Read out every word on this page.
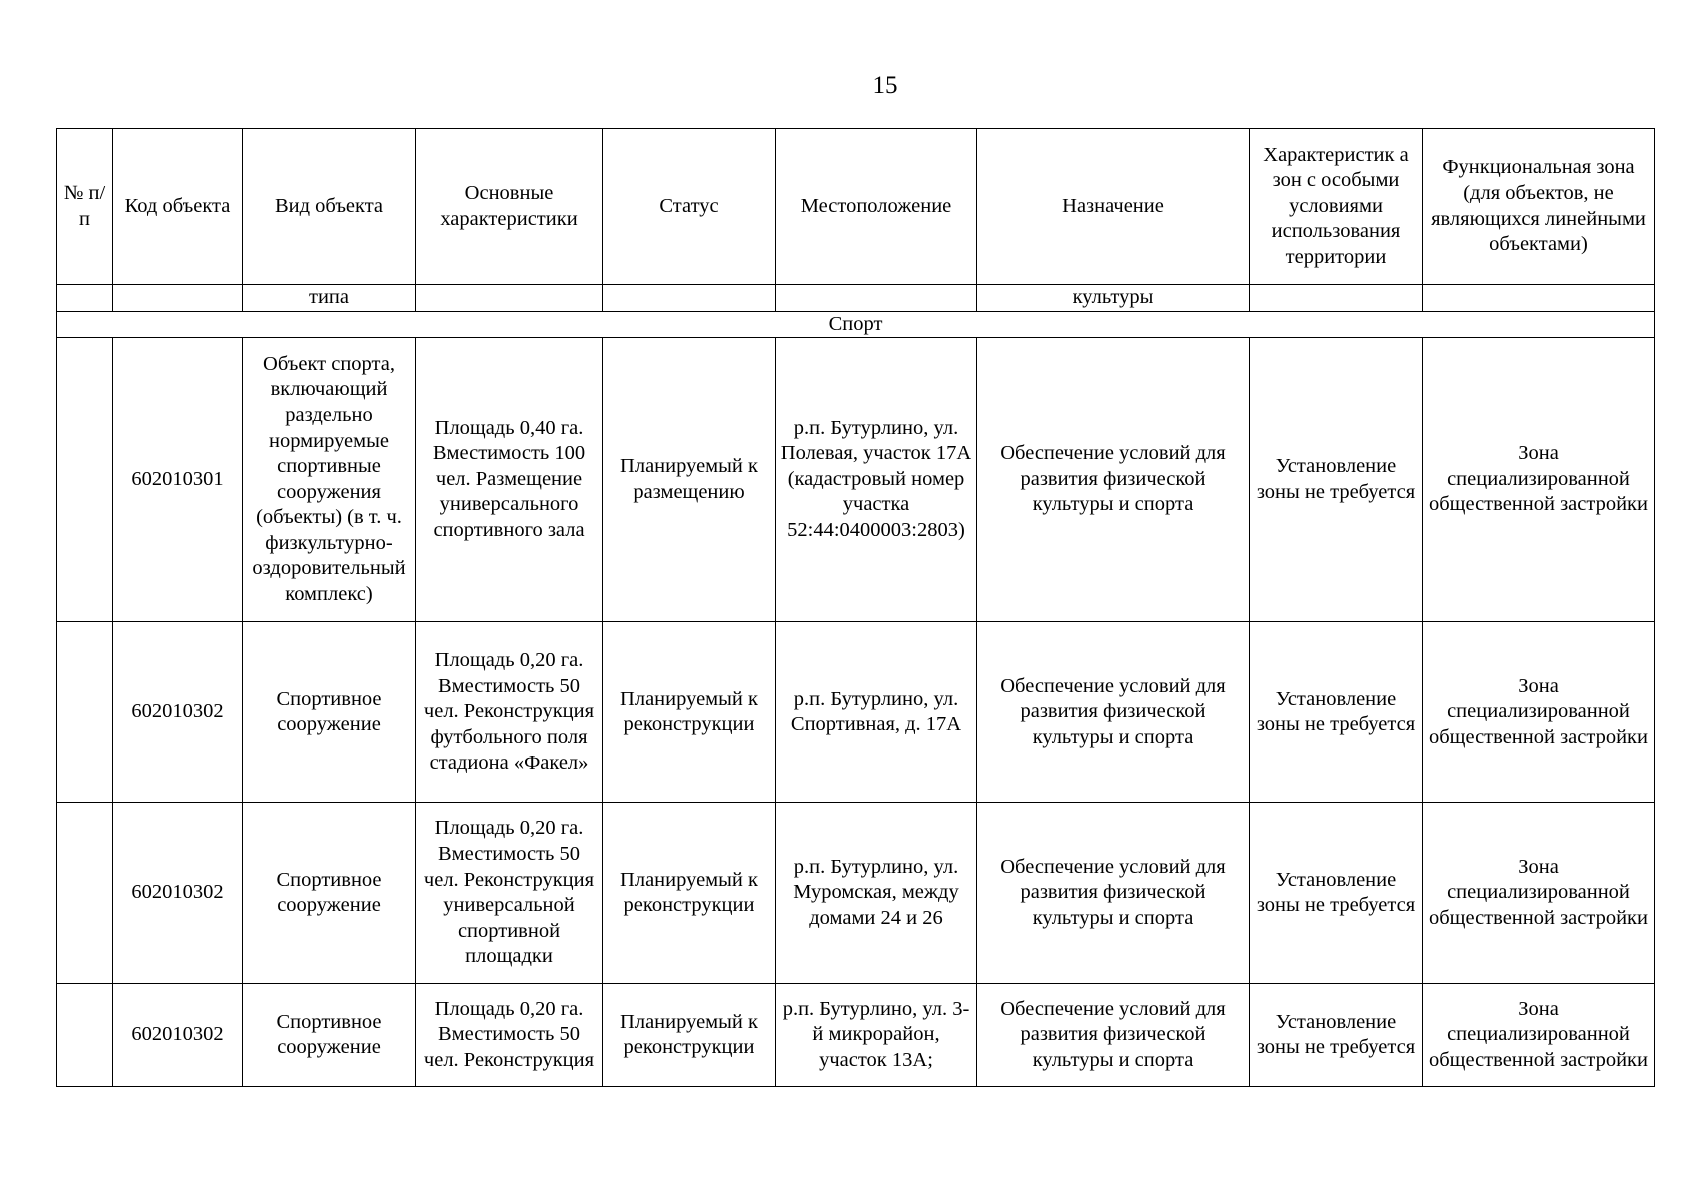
15
№ п/п	Код объекта	Вид объекта	Основные характеристики	Статус	Местоположение	Назначение	Характеристик а зон с особыми условиями использования территории	Функциональная зона (для объектов, не являющихся линейными объектами)
		типа				культуры		
Спорт								
	602010301	Объект спорта, включающий раздельно нормируемые спортивные сооружения (объекты) (в т. ч. физкультурно-оздоровительный комплекс)	Площадь 0,40 га. Вместимость 100 чел. Размещение универсального спортивного зала	Планируемый к размещению	р.п. Бутурлино, ул. Полевая, участок 17А (кадастровый номер участка 52:44:0400003:2803)	Обеспечение условий для развития физической культуры и спорта	Установление зоны не требуется	Зона специализированной общественной застройки
	602010302	Спортивное сооружение	Площадь 0,20 га. Вместимость 50 чел. Реконструкция футбольного поля стадиона «Факел»	Планируемый к реконструкции	р.п. Бутурлино, ул. Спортивная, д. 17А	Обеспечение условий для развития физической культуры и спорта	Установление зоны не требуется	Зона специализированной общественной застройки
	602010302	Спортивное сооружение	Площадь 0,20 га. Вместимость 50 чел. Реконструкция универсальной спортивной площадки	Планируемый к реконструкции	р.п. Бутурлино, ул. Муромская, между домами 24 и 26	Обеспечение условий для развития физической культуры и спорта	Установление зоны не требуется	Зона специализированной общественной застройки
	602010302	Спортивное сооружение	Площадь 0,20 га. Вместимость 50 чел. Реконструкция	Планируемый к реконструкции	р.п. Бутурлино, ул. 3-й микрорайон, участок 13А;	Обеспечение условий для развития физической культуры и спорта	Установление зоны не требуется	Зона специализированной общественной застройки
